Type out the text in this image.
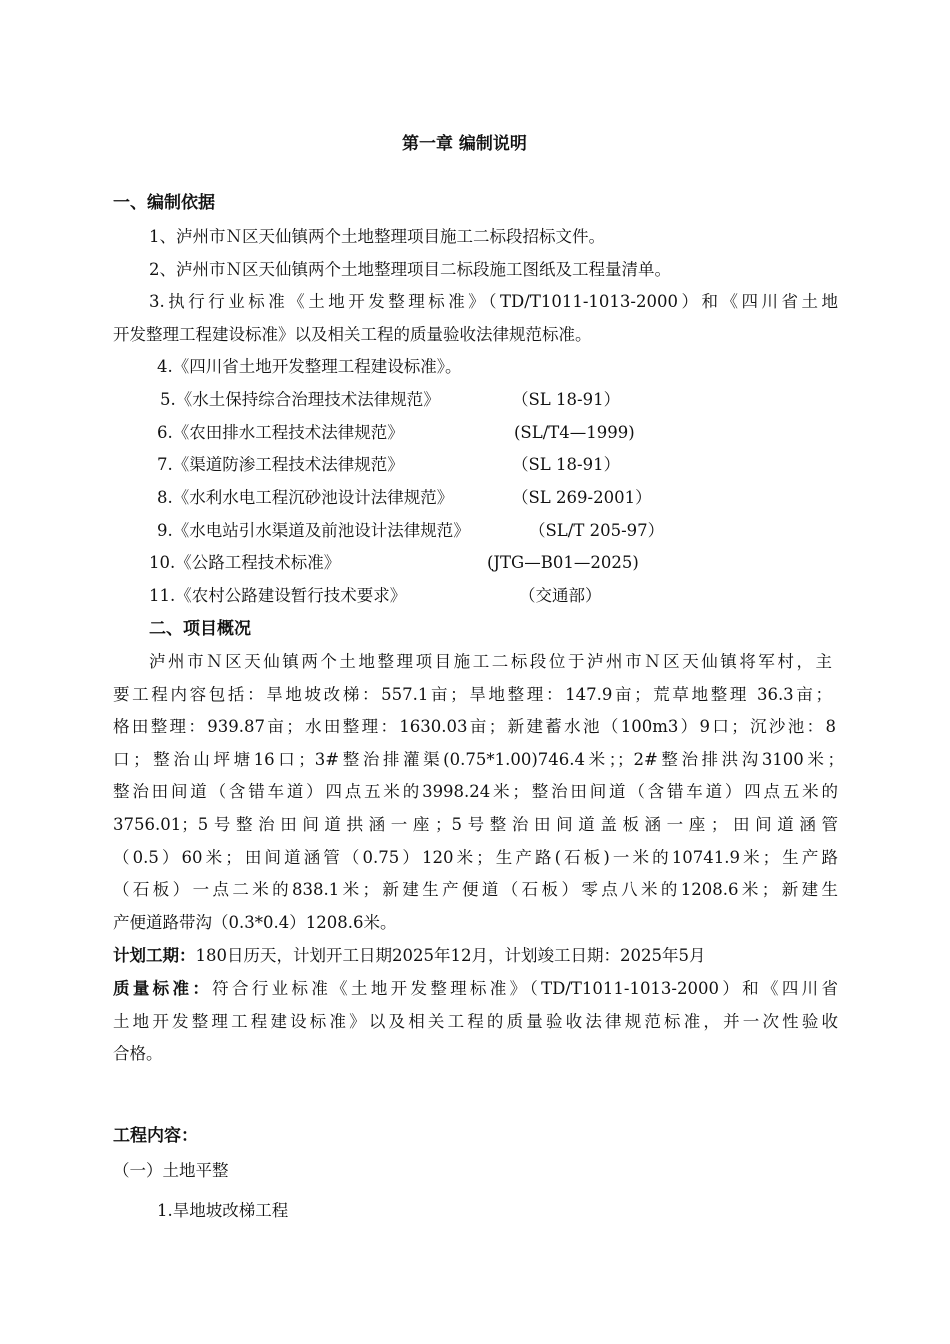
第一章 编制说明
一、编制依据
1、泸州市Ｎ区天仙镇两个土地整理项目施工二标段招标文件。
2、泸州市Ｎ区天仙镇两个土地整理项目二标段施工图纸及工程量清单。
3.执行行业标准《土地开发整理标准》（TD/T1011-1013-2000）和《四川省土地
开发整理工程建设标准》以及相关工程的质量验收法律规范标准。
4.《四川省土地开发整理工程建设标准》。
5.《水土保持综合治理技术法律规范》	（SL 18-91）
6.《农田排水工程技术法律规范》	(SL/T4—1999)
7.《渠道防渗工程技术法律规范》	（SL 18-91）
8.《水利水电工程沉砂池设计法律规范》	（SL 269-2001）
9.《水电站引水渠道及前池设计法律规范》	（SL/T 205-97）
10.《公路工程技术标准》	(JTG—B01—2025)
11.《农村公路建设暂行技术要求》	（交通部）
二、项目概况
泸州市Ｎ区天仙镇两个土地整理项目施工二标段位于泸州市Ｎ区天仙镇将军村，主
要工程内容包括：旱地坡改梯：557.1亩；旱地整理：147.9亩；荒草地整理 36.3亩；
格田整理：939.87亩；水田整理：1630.03亩；新建蓄水池（100m3）9口；沉沙池：8
口；整治山坪塘16口；3#整治排灌渠(0.75*1.00)746.4米；；2#整治排洪沟3100米；
整治田间道（含错车道）四点五米的3998.24米；整治田间道（含错车道）四点五米的
3756.01；5号整治田间道拱涵一座；5号整治田间道盖板涵一座；田间道涵管
（0.5）60米；田间道涵管（0.75）120米；生产路(石板)一米的10741.9米；生产路
（石板）一点二米的838.1米；新建生产便道（石板）零点八米的1208.6米；新建生
产便道路带沟（0.3*0.4）1208.6米。
计划工期：180日历天，计划开工日期2025年12月，计划竣工日期：2025年5月
质量标准：符合行业标准《土地开发整理标准》（TD/T1011-1013-2000）和《四川省
土地开发整理工程建设标准》以及相关工程的质量验收法律规范标准，并一次性验收
合格。
工程内容：
（一）土地平整
1.旱地坡改梯工程
